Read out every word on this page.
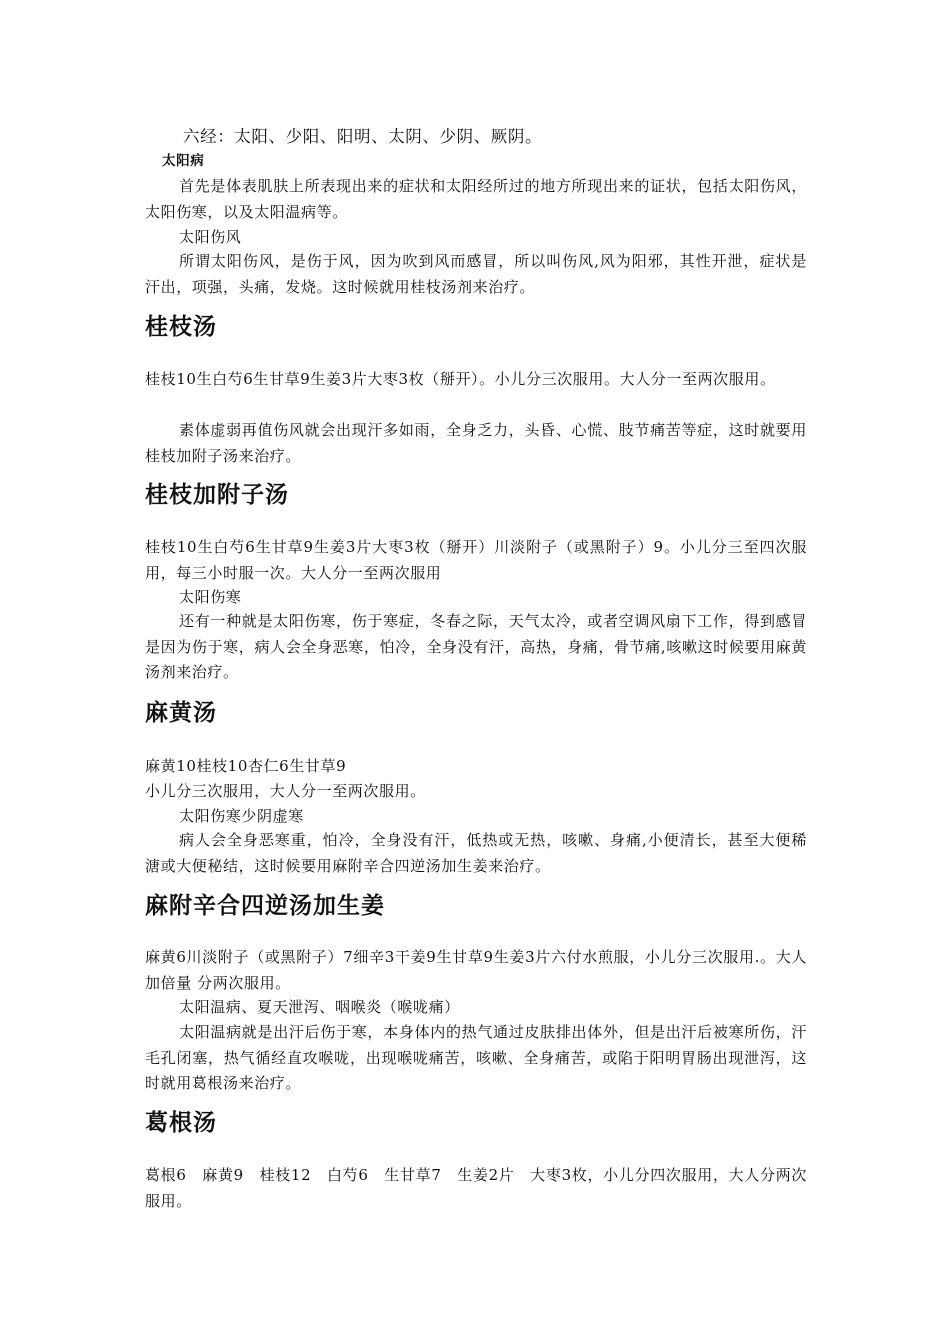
六经：太阳、少阳、阳明、太阴、少阴、厥阴。

太阳病

首先是体表肌肤上所表现出来的症状和太阳经所过的地方所现出来的证状，包括太阳伤风，太阳伤寒，以及太阳温病等。

太阳伤风

所谓太阳伤风，是伤于风，因为吹到风而感冒，所以叫伤风,风为阳邪，其性开泄，症状是汗出，项强，头痛，发烧。这时候就用桂枝汤剂来治疗。

桂枝汤

桂枝10生白芍6生甘草9生姜3片大枣3枚（掰开）。小儿分三次服用。大人分一至两次服用。

素体虚弱再值伤风就会出现汗多如雨，全身乏力，头昏、心慌、肢节痛苦等症，这时就要用桂枝加附子汤来治疗。

桂枝加附子汤

桂枝10生白芍6生甘草9生姜3片大枣3枚（掰开）川淡附子（或黑附子）9。小儿分三至四次服用，每三小时服一次。大人分一至两次服用

太阳伤寒

还有一种就是太阳伤寒，伤于寒症，冬春之际，天气太冷，或者空调风扇下工作，得到感冒是因为伤于寒，病人会全身恶寒，怕冷，全身没有汗，高热，身痛，骨节痛,咳嗽这时候要用麻黄汤剂来治疗。

麻黄汤

麻黄10桂枝10杏仁6生甘草9

小儿分三次服用，大人分一至两次服用。

太阳伤寒少阴虚寒

病人会全身恶寒重，怕冷，全身没有汗，低热或无热，咳嗽、身痛,小便清长，甚至大便稀溏或大便秘结，这时候要用麻附辛合四逆汤加生姜来治疗。

麻附辛合四逆汤加生姜

麻黄6川淡附子（或黑附子）7细辛3干姜9生甘草9生姜3片六付水煎服，小儿分三次服用.。大人加倍量 分两次服用。

太阳温病、夏天泄泻、咽喉炎（喉咙痛）

太阳温病就是出汗后伤于寒，本身体内的热气通过皮肤排出体外，但是出汗后被寒所伤，汗毛孔闭塞，热气循经直攻喉咙，出现喉咙痛苦，咳嗽、全身痛苦，或陷于阳明胃肠出现泄泻，这时就用葛根汤来治疗。

葛根汤

葛根6　麻黄9　桂枝12　白芍6　生甘草7　生姜2片　大枣3枚，小儿分四次服用，大人分两次服用。
